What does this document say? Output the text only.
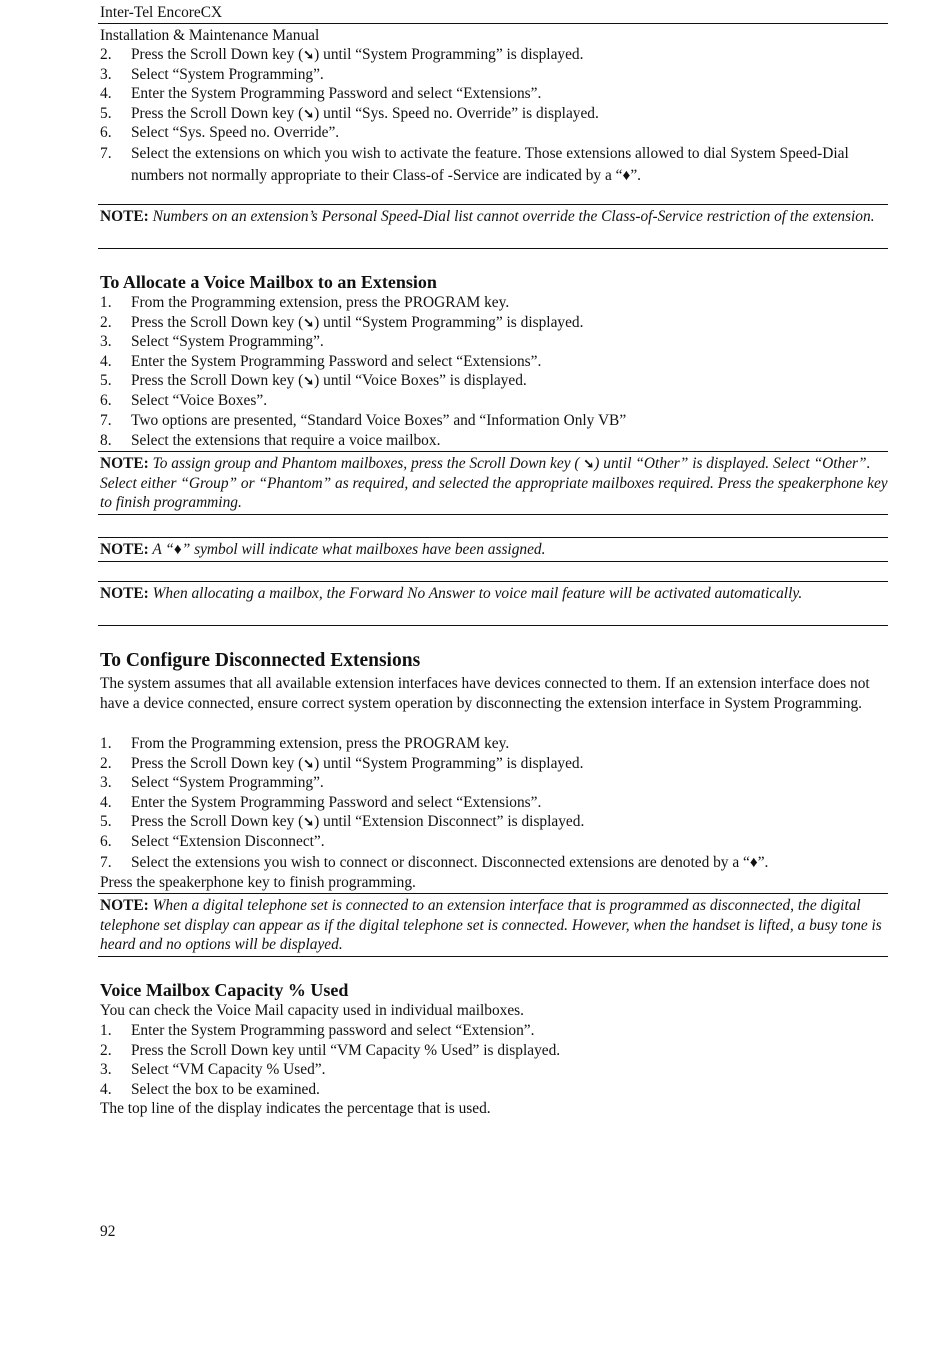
Inter-Tel EncoreCX
Installation & Maintenance Manual
2. Press the Scroll Down key (➘) until “System Programming” is displayed.
3. Select “System Programming”.
4. Enter the System Programming Password and select “Extensions”.
5. Press the Scroll Down key (➘) until “Sys. Speed no. Override” is displayed.
6. Select “Sys. Speed no. Override”.
7. Select the extensions on which you wish to activate the feature. Those extensions allowed to dial System Speed-Dial numbers not normally appropriate to their Class-of -Service are indicated by a “♦”.
NOTE: Numbers on an extension’s Personal Speed-Dial list cannot override the Class-of-Service restriction of the extension.
To Allocate a Voice Mailbox to an Extension
1. From the Programming extension, press the PROGRAM key.
2. Press the Scroll Down key (➘) until “System Programming” is displayed.
3. Select “System Programming”.
4. Enter the System Programming Password and select “Extensions”.
5. Press the Scroll Down key (➘) until “Voice Boxes” is displayed.
6. Select “Voice Boxes”.
7. Two options are presented, “Standard Voice Boxes” and “Information Only VB”
8. Select the extensions that require a voice mailbox.
NOTE: To assign group and Phantom mailboxes, press the Scroll Down key ( ➘) until “Other” is displayed. Select “Other”. Select either “Group” or “Phantom” as required, and selected the appropriate mailboxes required. Press the speakerphone key to finish programming.
NOTE: A “♦” symbol will indicate what mailboxes have been assigned.
NOTE: When allocating a mailbox, the Forward No Answer to voice mail feature will be activated automatically.
To Configure Disconnected Extensions
The system assumes that all available extension interfaces have devices connected to them. If an extension interface does not have a device connected, ensure correct system operation by disconnecting the extension interface in System Programming.
1. From the Programming extension, press the PROGRAM key.
2. Press the Scroll Down key (➘) until “System Programming” is displayed.
3. Select “System Programming”.
4. Enter the System Programming Password and select “Extensions”.
5. Press the Scroll Down key (➘) until “Extension Disconnect” is displayed.
6. Select “Extension Disconnect”.
7. Select the extensions you wish to connect or disconnect. Disconnected extensions are denoted by a “♦”.
Press the speakerphone key to finish programming.
NOTE: When a digital telephone set is connected to an extension interface that is programmed as disconnected, the digital telephone set display can appear as if the digital telephone set is connected. However, when the handset is lifted, a busy tone is heard and no options will be displayed.
Voice Mailbox Capacity % Used
You can check the Voice Mail capacity used in individual mailboxes.
1. Enter the System Programming password and select “Extension”.
2. Press the Scroll Down key until “VM Capacity % Used” is displayed.
3. Select “VM Capacity % Used”.
4. Select the box to be examined.
The top line of the display indicates the percentage that is used.
92
